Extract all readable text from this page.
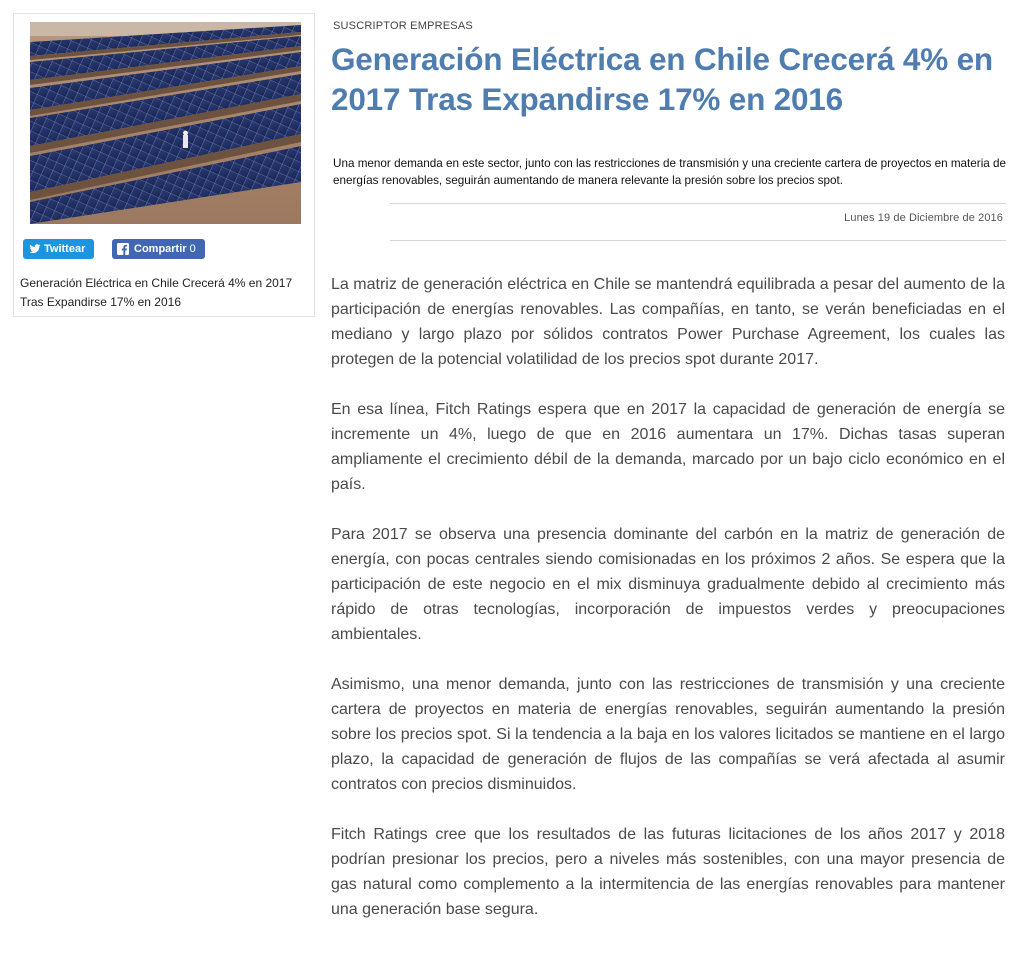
Twittear	Compartir 0
Generación Eléctrica en Chile Crecerá 4% en 2017 Tras Expandirse 17% en 2016
SUSCRIPTOR EMPRESAS
Generación Eléctrica en Chile Crecerá 4% en 2017 Tras Expandirse 17% en 2016
Una menor demanda en este sector, junto con las restricciones de transmisión y una creciente cartera de proyectos en materia de energías renovables, seguirán aumentando de manera relevante la presión sobre los precios spot.
Lunes 19 de Diciembre de 2016

La matriz de generación eléctrica en Chile se mantendrá equilibrada a pesar del aumento de la participación de energías renovables. Las compañías, en tanto, se verán beneficiadas en el mediano y largo plazo por sólidos contratos Power Purchase Agreement, los cuales las protegen de la potencial volatilidad de los precios spot durante 2017.

En esa línea, Fitch Ratings espera que en 2017 la capacidad de generación de energía se incremente un 4%, luego de que en 2016 aumentara un 17%. Dichas tasas superan ampliamente el crecimiento débil de la demanda, marcado por un bajo ciclo económico en el país.

Para 2017 se observa una presencia dominante del carbón en la matriz de generación de energía, con pocas centrales siendo comisionadas en los próximos 2 años. Se espera que la participación de este negocio en el mix disminuya gradualmente debido al crecimiento más rápido de otras tecnologías, incorporación de impuestos verdes y preocupaciones ambientales.

Asimismo, una menor demanda, junto con las restricciones de transmisión y una creciente cartera de proyectos en materia de energías renovables, seguirán aumentando la presión sobre los precios spot. Si la tendencia a la baja en los valores licitados se mantiene en el largo plazo, la capacidad de generación de flujos de las compañías se verá afectada al asumir contratos con precios disminuidos.

Fitch Ratings cree que los resultados de las futuras licitaciones de los años 2017 y 2018 podrían presionar los precios, pero a niveles más sostenibles, con una mayor presencia de gas natural como complemento a la intermitencia de las energías renovables para mantener una generación base segura.
